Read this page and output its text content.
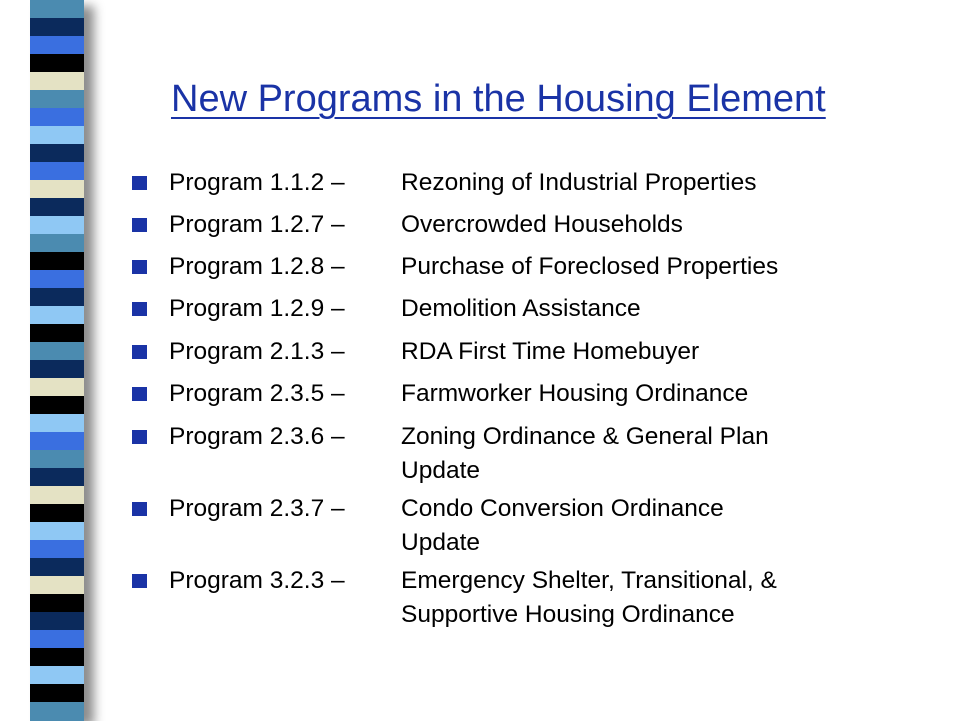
New Programs in the Housing Element
Program 1.1.2 – Rezoning of Industrial Properties
Program 1.2.7 – Overcrowded Households
Program 1.2.8 – Purchase of Foreclosed Properties
Program 1.2.9 – Demolition Assistance
Program 2.1.3 – RDA First Time Homebuyer
Program 2.3.5 – Farmworker Housing Ordinance
Program 2.3.6 – Zoning Ordinance & General Plan
Update
Program 2.3.7 – Condo Conversion Ordinance
Update
Program 3.2.3 – Emergency Shelter, Transitional, &
Supportive Housing Ordinance
